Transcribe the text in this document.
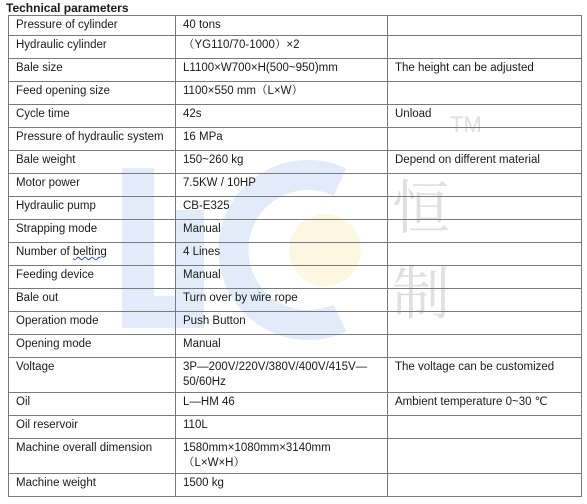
Technical parameters
恒
制
TM
Pressure of cylinder	40 tons	
Hydraulic cylinder	（YG110/70-1000）×2	
Bale size	L1100×W700×H(500~950)mm	The height can be adjusted
Feed opening size	1100×550 mm（L×W）	
Cycle time	42s	Unload
Pressure of hydraulic system	16 MPa	
Bale weight	150~260 kg	Depend on different material
Motor power	7.5KW / 10HP	
Hydraulic pump	CB-E325	
Strapping mode	Manual	
Number of belting	4 Lines	
Feeding device	Manual	
Bale out	Turn over by wire rope	
Operation mode	Push Button	
Opening mode	Manual	
Voltage	3P—200V/220V/380V/400V/415V—50/60Hz	The voltage can be customized
Oil	L—HM 46	Ambient temperature 0~30 ℃
Oil reservoir	110L	
Machine overall dimension	1580mm×1080mm×3140mm（L×W×H）	
Machine weight	1500 kg	
